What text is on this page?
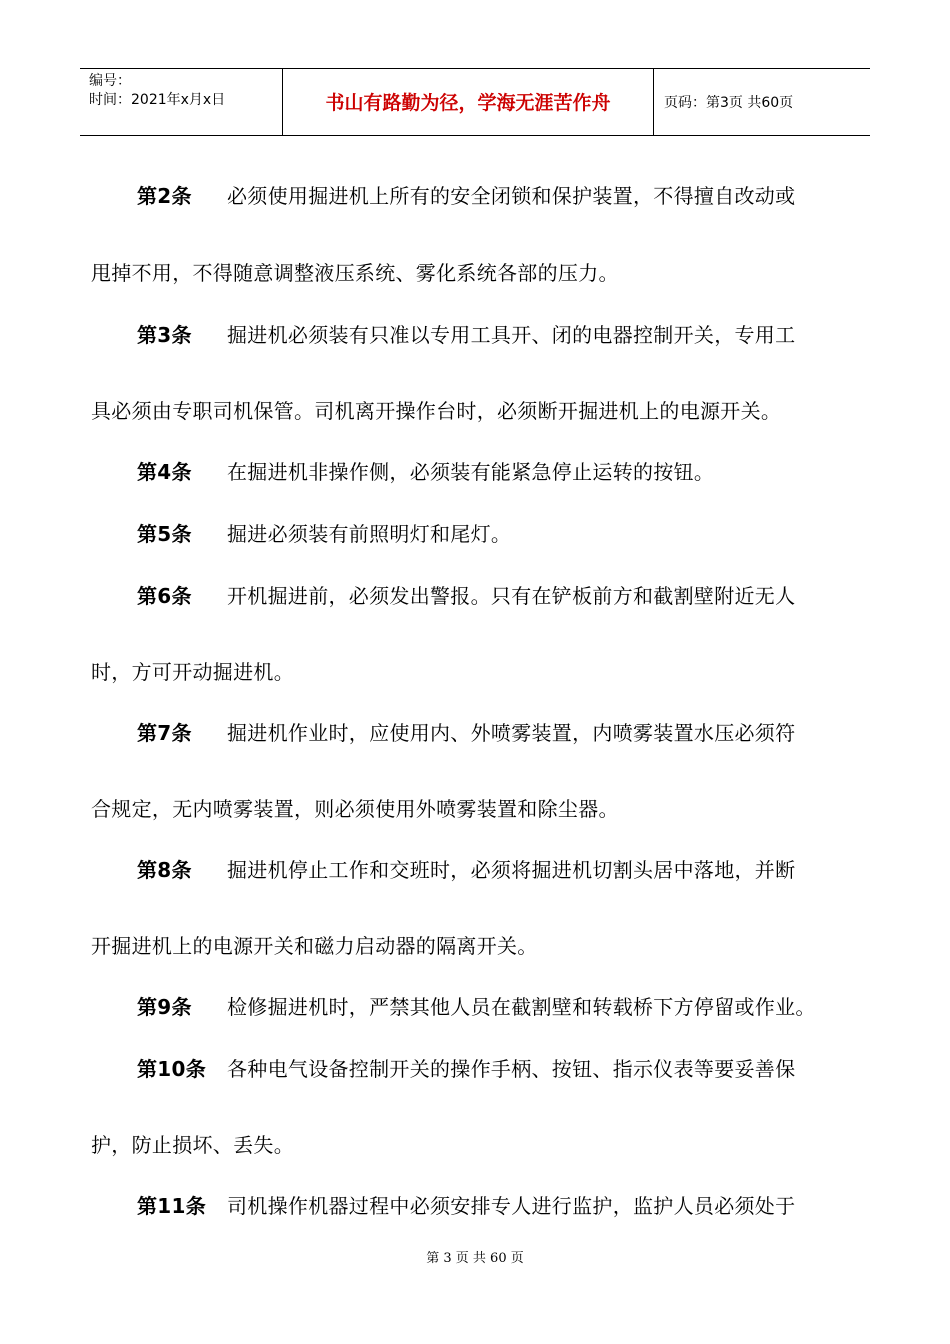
编号：
时间：2021年x月x日	书山有路勤为径，学海无涯苦作舟	页码：第3页 共60页
第2条 必须使用掘进机上所有的安全闭锁和保护装置，不得擅自改动或
甩掉不用，不得随意调整液压系统、雾化系统各部的压力。
第3条 掘进机必须装有只准以专用工具开、闭的电器控制开关，专用工
具必须由专职司机保管。司机离开操作台时，必须断开掘进机上的电源开关。
第4条 在掘进机非操作侧，必须装有能紧急停止运转的按钮。
第5条 掘进必须装有前照明灯和尾灯。
第6条 开机掘进前，必须发出警报。只有在铲板前方和截割壁附近无人
时，方可开动掘进机。
第7条 掘进机作业时，应使用内、外喷雾装置，内喷雾装置水压必须符
合规定，无内喷雾装置，则必须使用外喷雾装置和除尘器。
第8条 掘进机停止工作和交班时，必须将掘进机切割头居中落地，并断
开掘进机上的电源开关和磁力启动器的隔离开关。
第9条 检修掘进机时，严禁其他人员在截割壁和转载桥下方停留或作业。
第10条 各种电气设备控制开关的操作手柄、按钮、指示仪表等要妥善保
护，防止损坏、丢失。
第11条 司机操作机器过程中必须安排专人进行监护，监护人员必须处于
第 3 页 共 60 页
